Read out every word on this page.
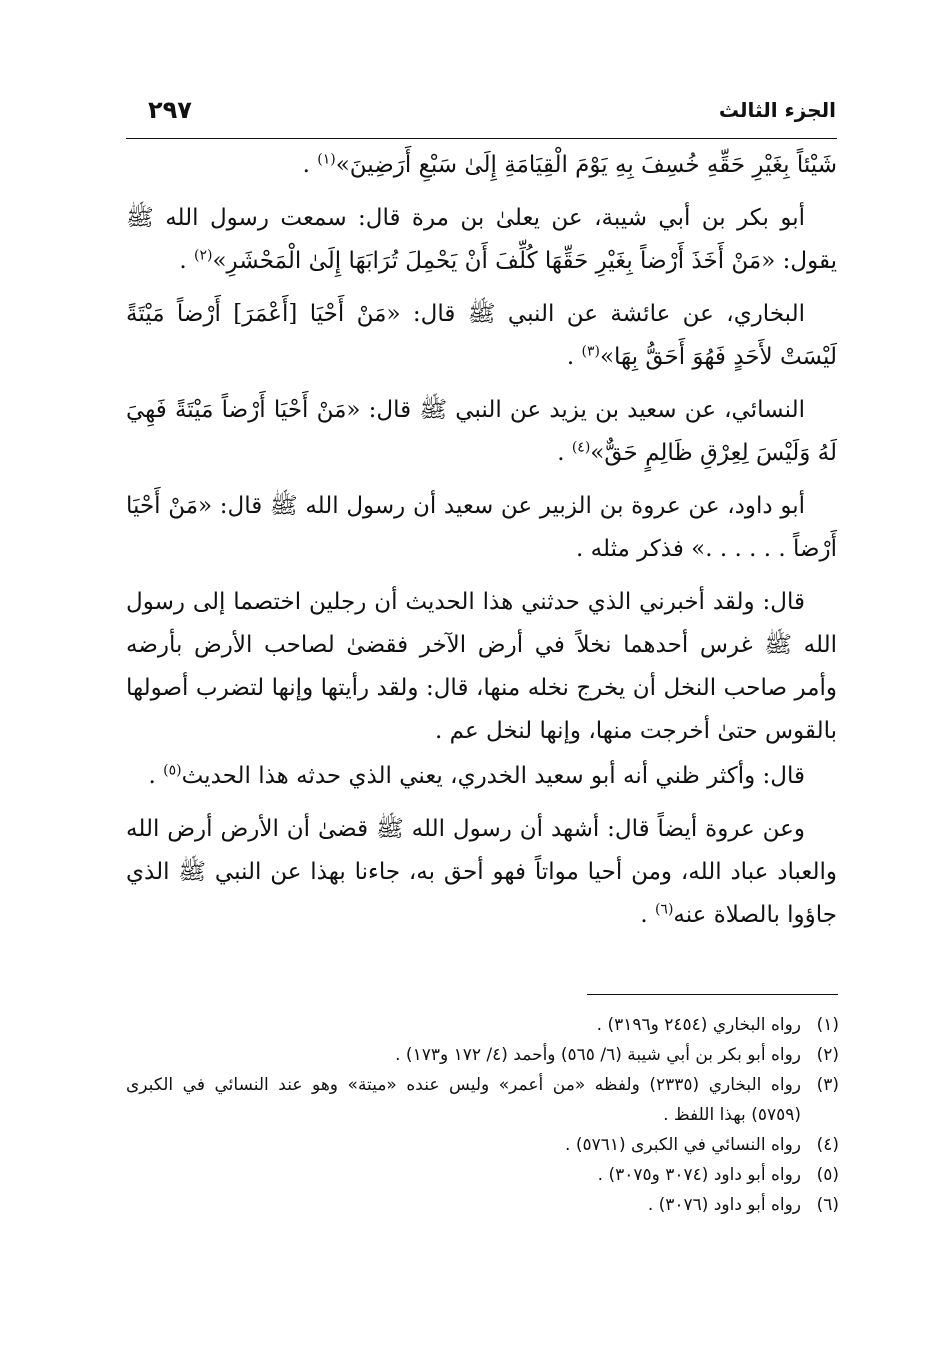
الجزء الثالث
٢٩٧

شَيْئاً بِغَيْرِ حَقِّهِ خُسِفَ بِهِ يَوْمَ الْقِيَامَةِ إِلَىٰ سَبْعِ أَرَضِينَ»$^{(١)}$ .

أبو بكر بن أبي شيبة، عن يعلىٰ بن مرة قال: سمعت رسول الله ﷺ يقول: «مَنْ أَخَذَ أَرْضاً بِغَيْرِ حَقِّهَا كُلِّفَ أَنْ يَحْمِلَ تُرَابَهَا إِلَىٰ الْمَحْشَرِ»$^{(٢)}$ .

البخاري، عن عائشة عن النبي ﷺ قال: «مَنْ أَحْيَا [أَعْمَرَ] أَرْضاً مَيْتَةً لَيْسَتْ لأَحَدٍ فَهُوَ أَحَقُّ بِهَا»$^{(٣)}$ .

النسائي، عن سعيد بن يزيد عن النبي ﷺ قال: «مَنْ أَحْيَا أَرْضاً مَيْتَةً فَهِيَ لَهُ وَلَيْسَ لِعِرْقِ ظَالِمٍ حَقٌّ»$^{(٤)}$ .

أبو داود، عن عروة بن الزبير عن سعيد أن رسول الله ﷺ قال: «مَنْ أَحْيَا أَرْضاً . . . . . .» فذكر مثله .

قال: ولقد أخبرني الذي حدثني هذا الحديث أن رجلين اختصما إلى رسول الله ﷺ غرس أحدهما نخلاً في أرض الآخر فقضىٰ لصاحب الأرض بأرضه وأمر صاحب النخل أن يخرج نخله منها، قال: ولقد رأيتها وإنها لتضرب أصولها بالقوس حتىٰ أخرجت منها، وإنها لنخل عم .

قال: وأكثر ظني أنه أبو سعيد الخدري، يعني الذي حدثه هذا الحديث$^{(٥)}$ .

وعن عروة أيضاً قال: أشهد أن رسول الله ﷺ قضىٰ أن الأرض أرض الله والعباد عباد الله، ومن أحيا مواتاً فهو أحق به، جاءنا بهذا عن النبي ﷺ الذي جاؤوا بالصلاة عنه$^{(٦)}$ .

(١)
رواه البخاري (٢٤٥٤ و٣١٩٦) .
(٢)
رواه أبو بكر بن أبي شيبة (٦/ ٥٦٥) وأحمد (٤/ ١٧٢ و١٧٣) .
(٣)
رواه البخاري (٢٣٣٥) ولفظه «من أعمر» وليس عنده «ميتة» وهو عند النسائي في الكبرى (٥٧٥٩) بهذا اللفظ .
(٤)
رواه النسائي في الكبرى (٥٧٦١) .
(٥)
رواه أبو داود (٣٠٧٤ و٣٠٧٥) .
(٦)
رواه أبو داود (٣٠٧٦) .
